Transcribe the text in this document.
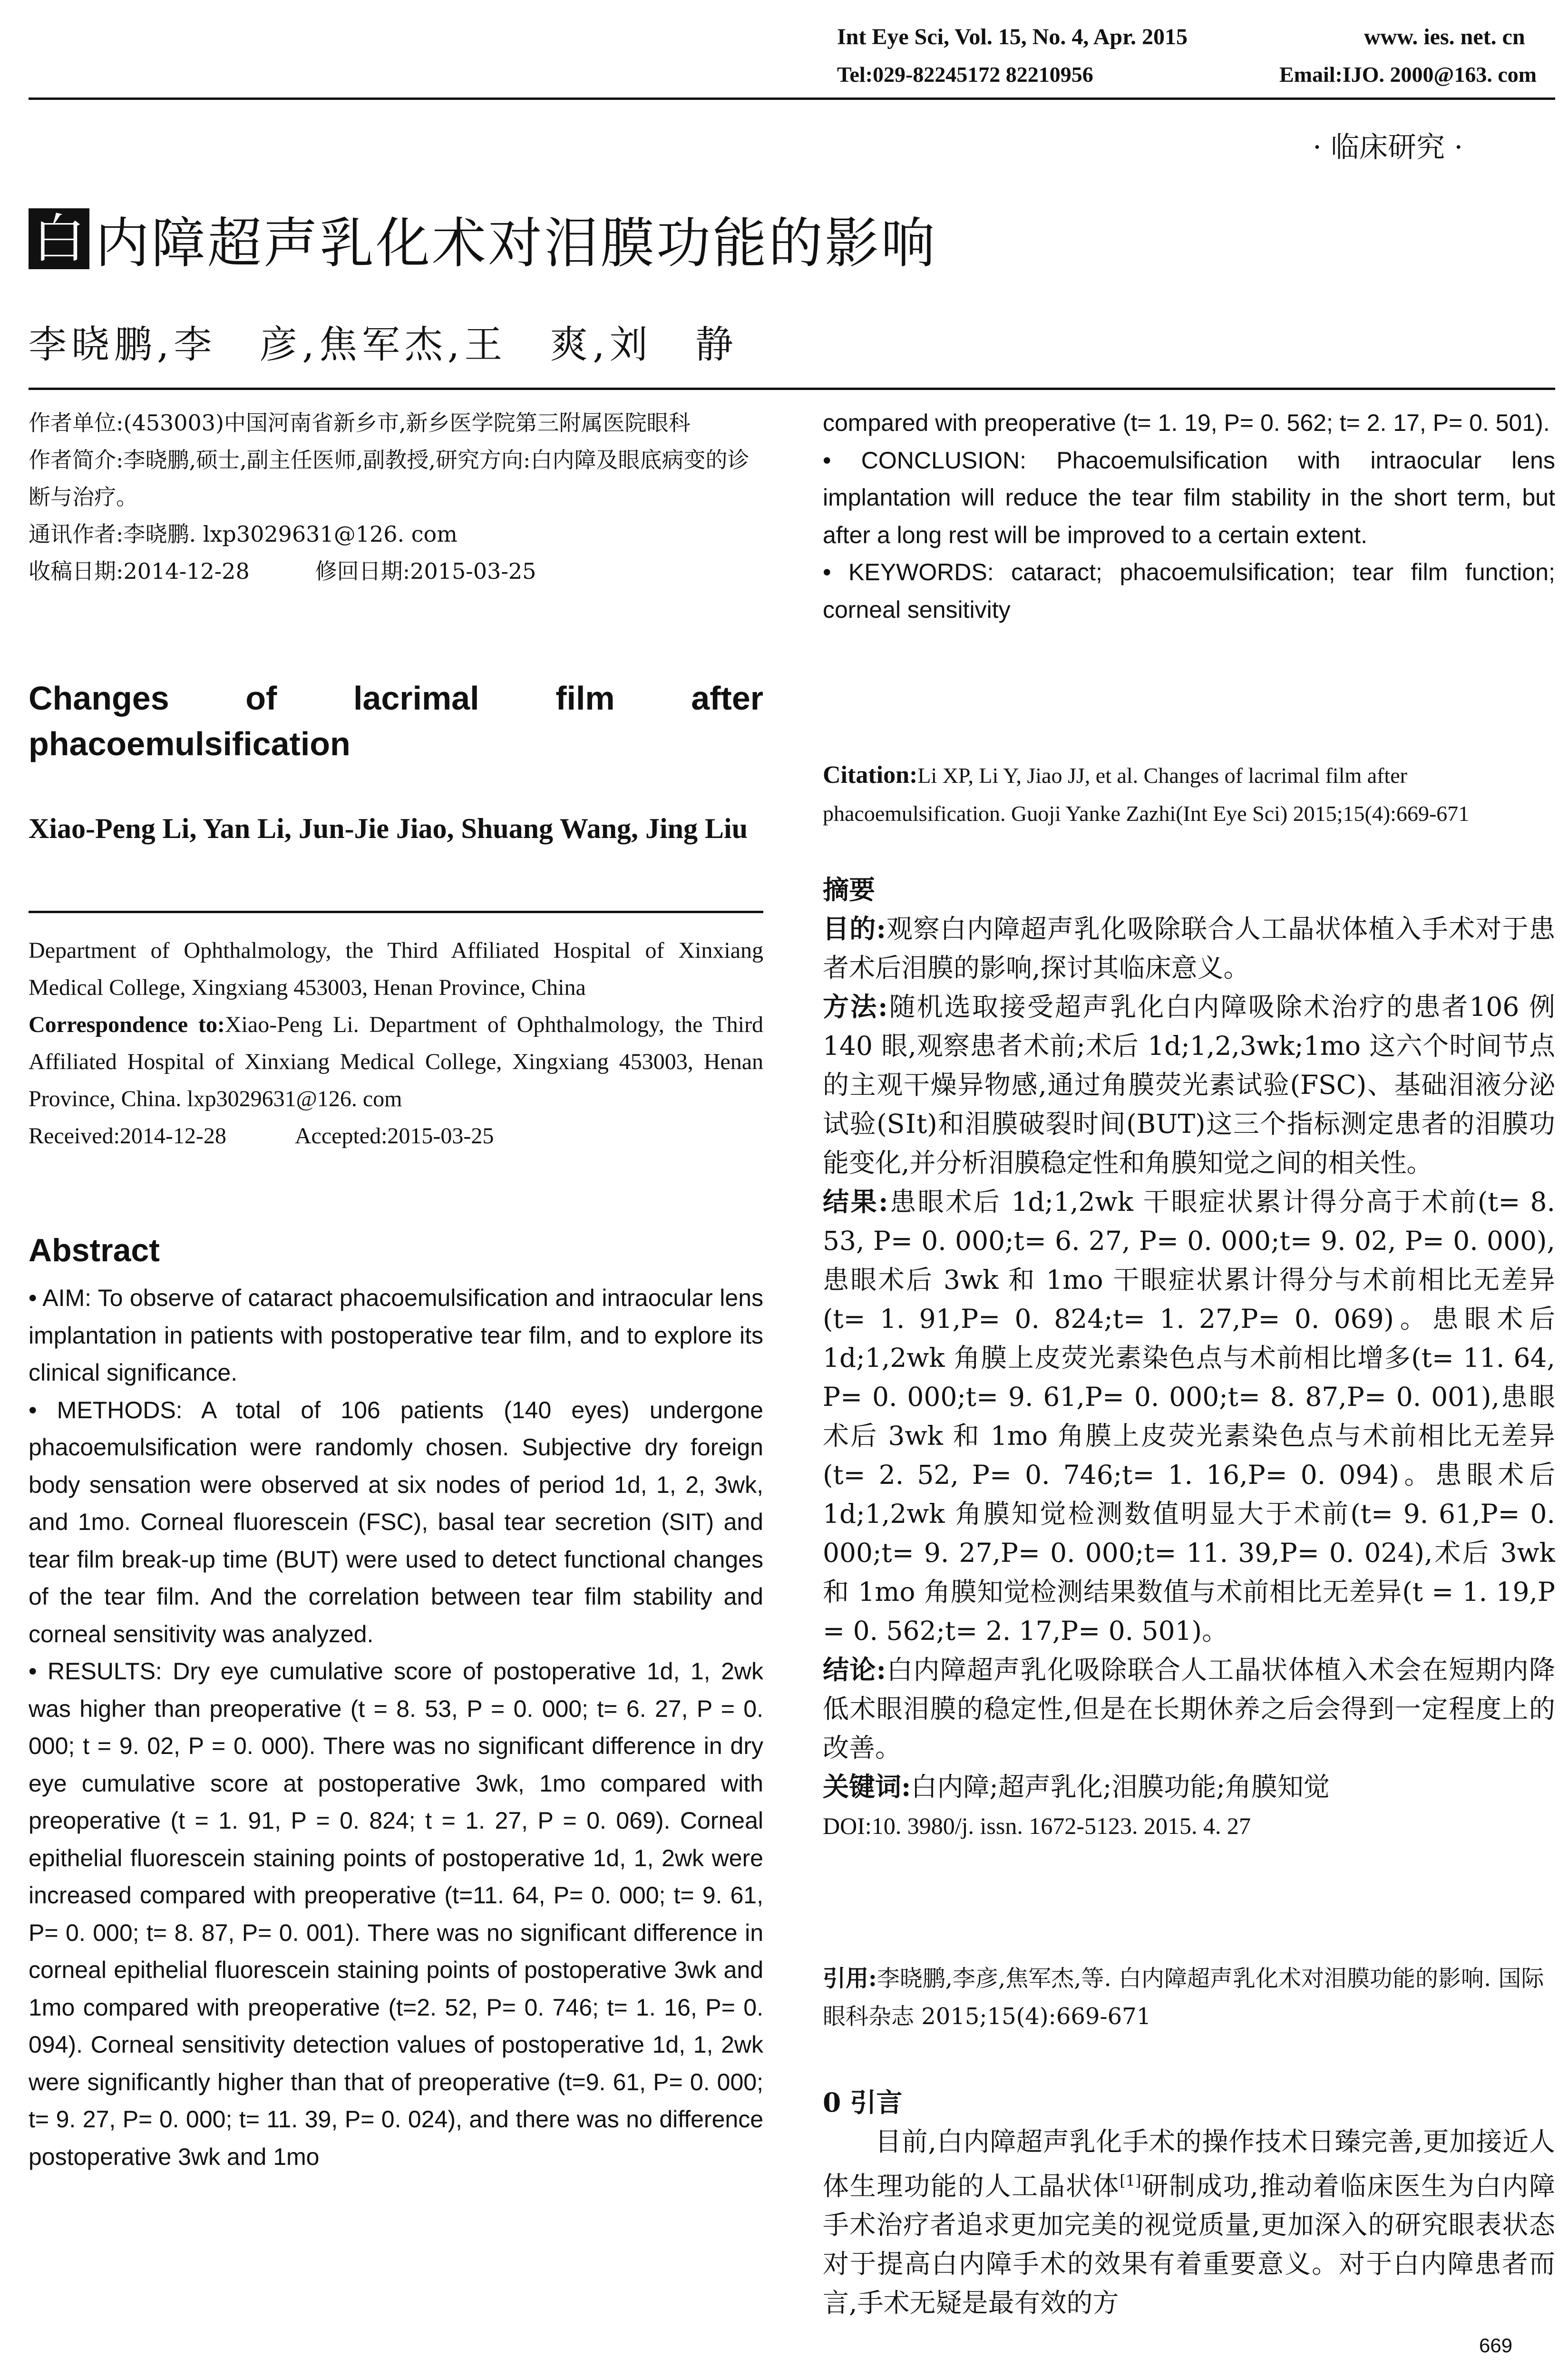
Int Eye Sci, Vol. 15, No. 4, Apr. 2015	www. ies. net. cn
Tel:029-82245172 82210956	Email:IJO. 2000@163. com
· 临床研究 ·
白 内障超声乳化术对泪膜功能的影响
李晓鹏,李　彦,焦军杰,王　爽,刘　静

作者单位:(453003)中国河南省新乡市,新乡医学院第三附属医院眼科

作者简介:李晓鹏,硕士,副主任医师,副教授,研究方向:白内障及眼底病变的诊断与治疗。

通讯作者:李晓鹏. lxp3029631@126. com

收稿日期:2014-12-28　　　修回日期:2015-03-25

Changes of lacrimal film after phacoemulsification
Xiao-Peng Li, Yan Li, Jun-Jie Jiao, Shuang Wang, Jing Liu

Department of Ophthalmology, the Third Affiliated Hospital of Xinxiang Medical College, Xingxiang 453003, Henan Province, China

Correspondence to:Xiao-Peng Li. Department of Ophthalmology, the Third Affiliated Hospital of Xinxiang Medical College, Xingxiang 453003, Henan Province, China. lxp3029631@126. com

Received:2014-12-28　　　Accepted:2015-03-25

Abstract

• AIM: To observe of cataract phacoemulsification and intraocular lens implantation in patients with postoperative tear film, and to explore its clinical significance.

• METHODS: A total of 106 patients (140 eyes) undergone phacoemulsification were randomly chosen. Subjective dry foreign body sensation were observed at six nodes of period 1d, 1, 2, 3wk, and 1mo. Corneal fluorescein (FSC), basal tear secretion (SIT) and tear film break-up time (BUT) were used to detect functional changes of the tear film. And the correlation between tear film stability and corneal sensitivity was analyzed.

• RESULTS: Dry eye cumulative score of postoperative 1d, 1, 2wk was higher than preoperative (t = 8. 53, P = 0. 000; t= 6. 27, P = 0. 000; t = 9. 02, P = 0. 000). There was no significant difference in dry eye cumulative score at postoperative 3wk, 1mo compared with preoperative (t = 1. 91, P = 0. 824; t = 1. 27, P = 0. 069). Corneal epithelial fluorescein staining points of postoperative 1d, 1, 2wk were increased compared with preoperative (t=11. 64, P= 0. 000; t= 9. 61, P= 0. 000; t= 8. 87, P= 0. 001). There was no significant difference in corneal epithelial fluorescein staining points of postoperative 3wk and 1mo compared with preoperative (t=2. 52, P= 0. 746; t= 1. 16, P= 0. 094). Corneal sensitivity detection values of postoperative 1d, 1, 2wk were significantly higher than that of preoperative (t=9. 61, P= 0. 000; t= 9. 27, P= 0. 000; t= 11. 39, P= 0. 024), and there was no difference postoperative 3wk and 1mo

compared with preoperative (t= 1. 19, P= 0. 562; t= 2. 17, P= 0. 501).

• CONCLUSION: Phacoemulsification with intraocular lens implantation will reduce the tear film stability in the short term, but after a long rest will be improved to a certain extent.

• KEYWORDS: cataract; phacoemulsification; tear film function; corneal sensitivity

Citation:Li XP, Li Y, Jiao JJ, et al. Changes of lacrimal film after phacoemulsification. Guoji Yanke Zazhi(Int Eye Sci) 2015;15(4):669-671

摘要

目的:观察白内障超声乳化吸除联合人工晶状体植入手术对于患者术后泪膜的影响,探讨其临床意义。

方法:随机选取接受超声乳化白内障吸除术治疗的患者106 例 140 眼,观察患者术前;术后 1d;1,2,3wk;1mo 这六个时间节点的主观干燥异物感,通过角膜荧光素试验(FSC)、基础泪液分泌试验(SⅠt)和泪膜破裂时间(BUT)这三个指标测定患者的泪膜功能变化,并分析泪膜稳定性和角膜知觉之间的相关性。

结果:患眼术后 1d;1,2wk 干眼症状累计得分高于术前(t= 8. 53, P= 0. 000;t= 6. 27, P= 0. 000;t= 9. 02, P= 0. 000),患眼术后 3wk 和 1mo 干眼症状累计得分与术前相比无差异(t= 1. 91,P= 0. 824;t= 1. 27,P= 0. 069)。患眼术后 1d;1,2wk 角膜上皮荧光素染色点与术前相比增多(t= 11. 64, P= 0. 000;t= 9. 61,P= 0. 000;t= 8. 87,P= 0. 001),患眼术后 3wk 和 1mo 角膜上皮荧光素染色点与术前相比无差异(t= 2. 52, P= 0. 746;t= 1. 16,P= 0. 094)。患眼术后 1d;1,2wk 角膜知觉检测数值明显大于术前(t= 9. 61,P= 0. 000;t= 9. 27,P= 0. 000;t= 11. 39,P= 0. 024),术后 3wk 和 1mo 角膜知觉检测结果数值与术前相比无差异(t = 1. 19,P = 0. 562;t= 2. 17,P= 0. 501)。

结论:白内障超声乳化吸除联合人工晶状体植入术会在短期内降低术眼泪膜的稳定性,但是在长期休养之后会得到一定程度上的改善。

关键词:白内障;超声乳化;泪膜功能;角膜知觉

DOI:10. 3980/j. issn. 1672-5123. 2015. 4. 27

引用:李晓鹏,李彦,焦军杰,等. 白内障超声乳化术对泪膜功能的影响. 国际眼科杂志 2015;15(4):669-671

0 引言

目前,白内障超声乳化手术的操作技术日臻完善,更加接近人体生理功能的人工晶状体[1]研制成功,推动着临床医生为白内障手术治疗者追求更加完美的视觉质量,更加深入的研究眼表状态对于提高白内障手术的效果有着重要意义。对于白内障患者而言,手术无疑是最有效的方

669
